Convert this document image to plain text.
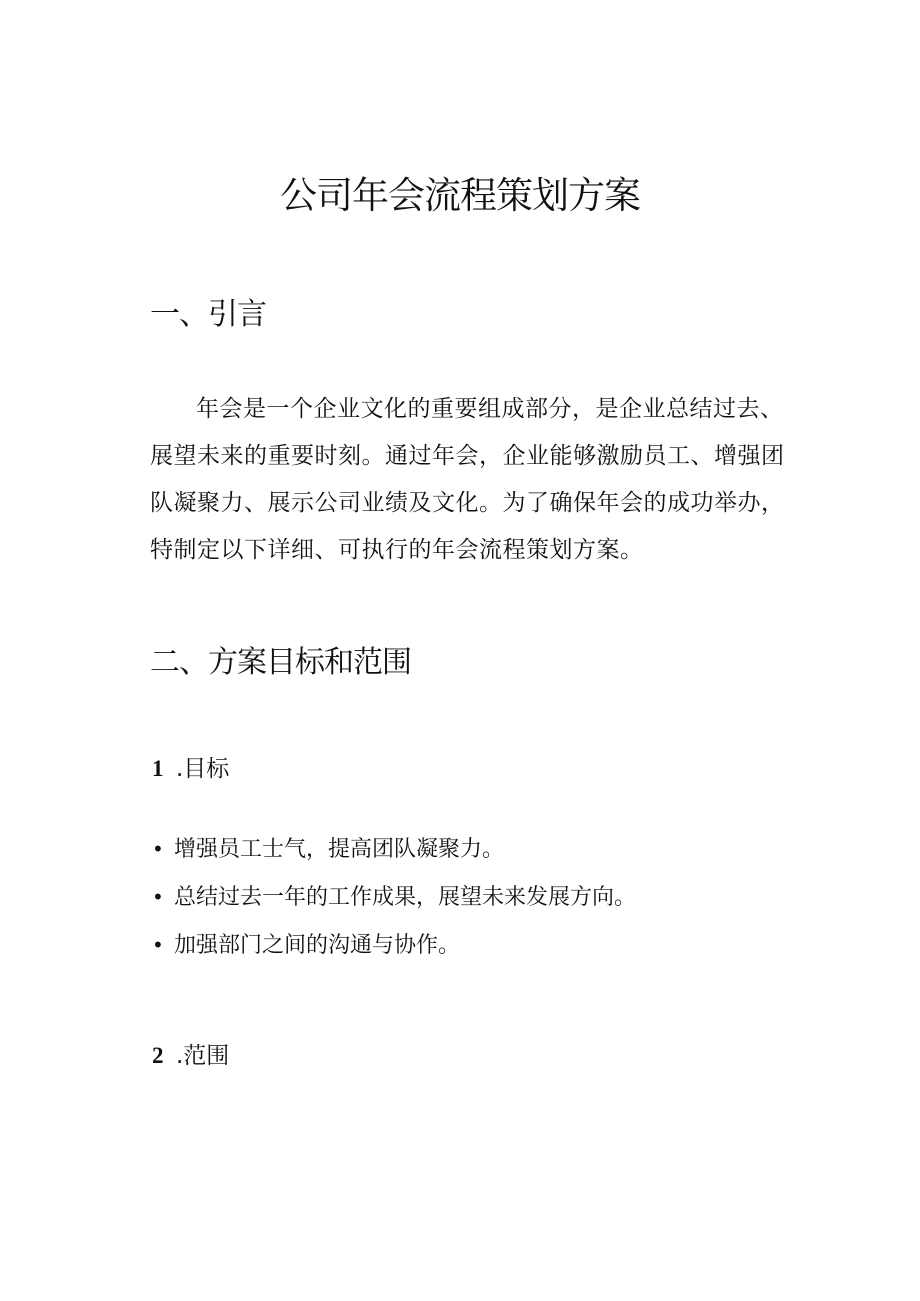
公司年会流程策划方案
一、引言

年会是一个企业文化的重要组成部分，是企业总结过去、展望未来的重要时刻。通过年会，企业能够激励员工、增强团队凝聚力、展示公司业绩及文化。为了确保年会的成功举办，特制定以下详细、可执行的年会流程策划方案。

二、方案目标和范围
1 .目标
• 增强员工士气，提高团队凝聚力。
• 总结过去一年的工作成果，展望未来发展方向。
• 加强部门之间的沟通与协作。
2 .范围
